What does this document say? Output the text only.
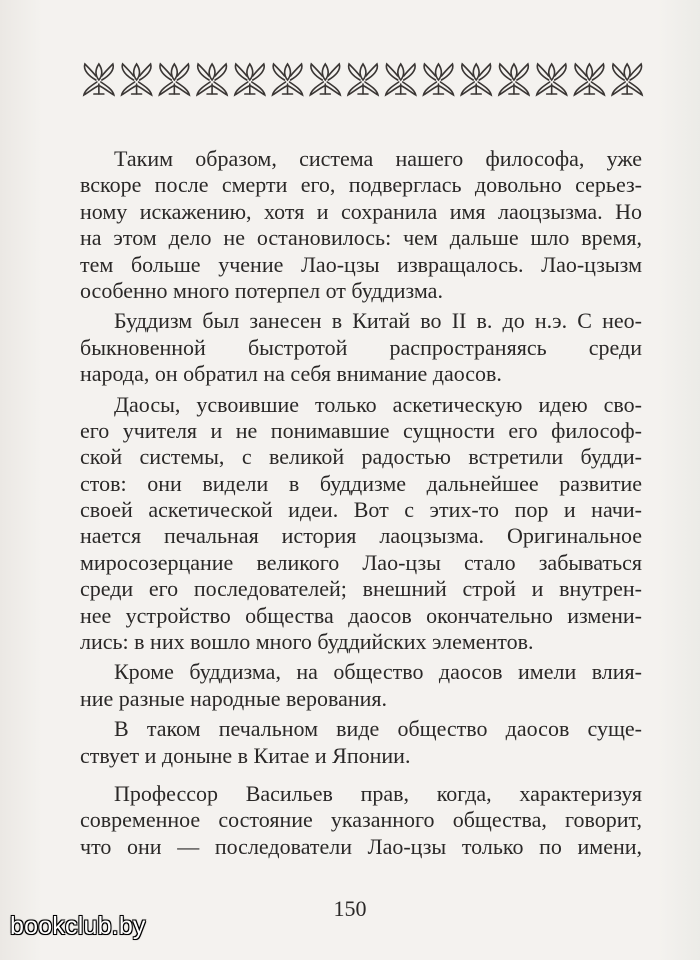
Таким образом, система нашего философа, уже
вскоре после смерти его, подверглась довольно серьез-
ному искажению, хотя и сохранила имя лаоцзызма. Но
на этом дело не остановилось: чем дальше шло время,
тем больше учение Лао-цзы извращалось. Лао-цзызм
особенно много потерпел от буддизма.
Буддизм был занесен в Китай во II в. до н.э. С нео-
быкновенной быстротой распространяясь среди
народа, он обратил на себя внимание даосов.
Даосы, усвоившие только аскетическую идею сво-
его учителя и не понимавшие сущности его философ-
ской системы, с великой радостью встретили будди-
стов: они видели в буддизме дальнейшее развитие
своей аскетической идеи. Вот с этих-то пор и начи-
нается печальная история лаоцзызма. Оригинальное
миросозерцание великого Лао-цзы стало забываться
среди его последователей; внешний строй и внутрен-
нее устройство общества даосов окончательно измени-
лись: в них вошло много буддийских элементов.
Кроме буддизма, на общество даосов имели влия-
ние разные народные верования.
В таком печальном виде общество даосов суще-
ствует и доныне в Китае и Японии.
Профессор Васильев прав, когда, характеризуя
современное состояние указанного общества, говорит,
что они — последователи Лао-цзы только по имени,
150
bookclub.by
